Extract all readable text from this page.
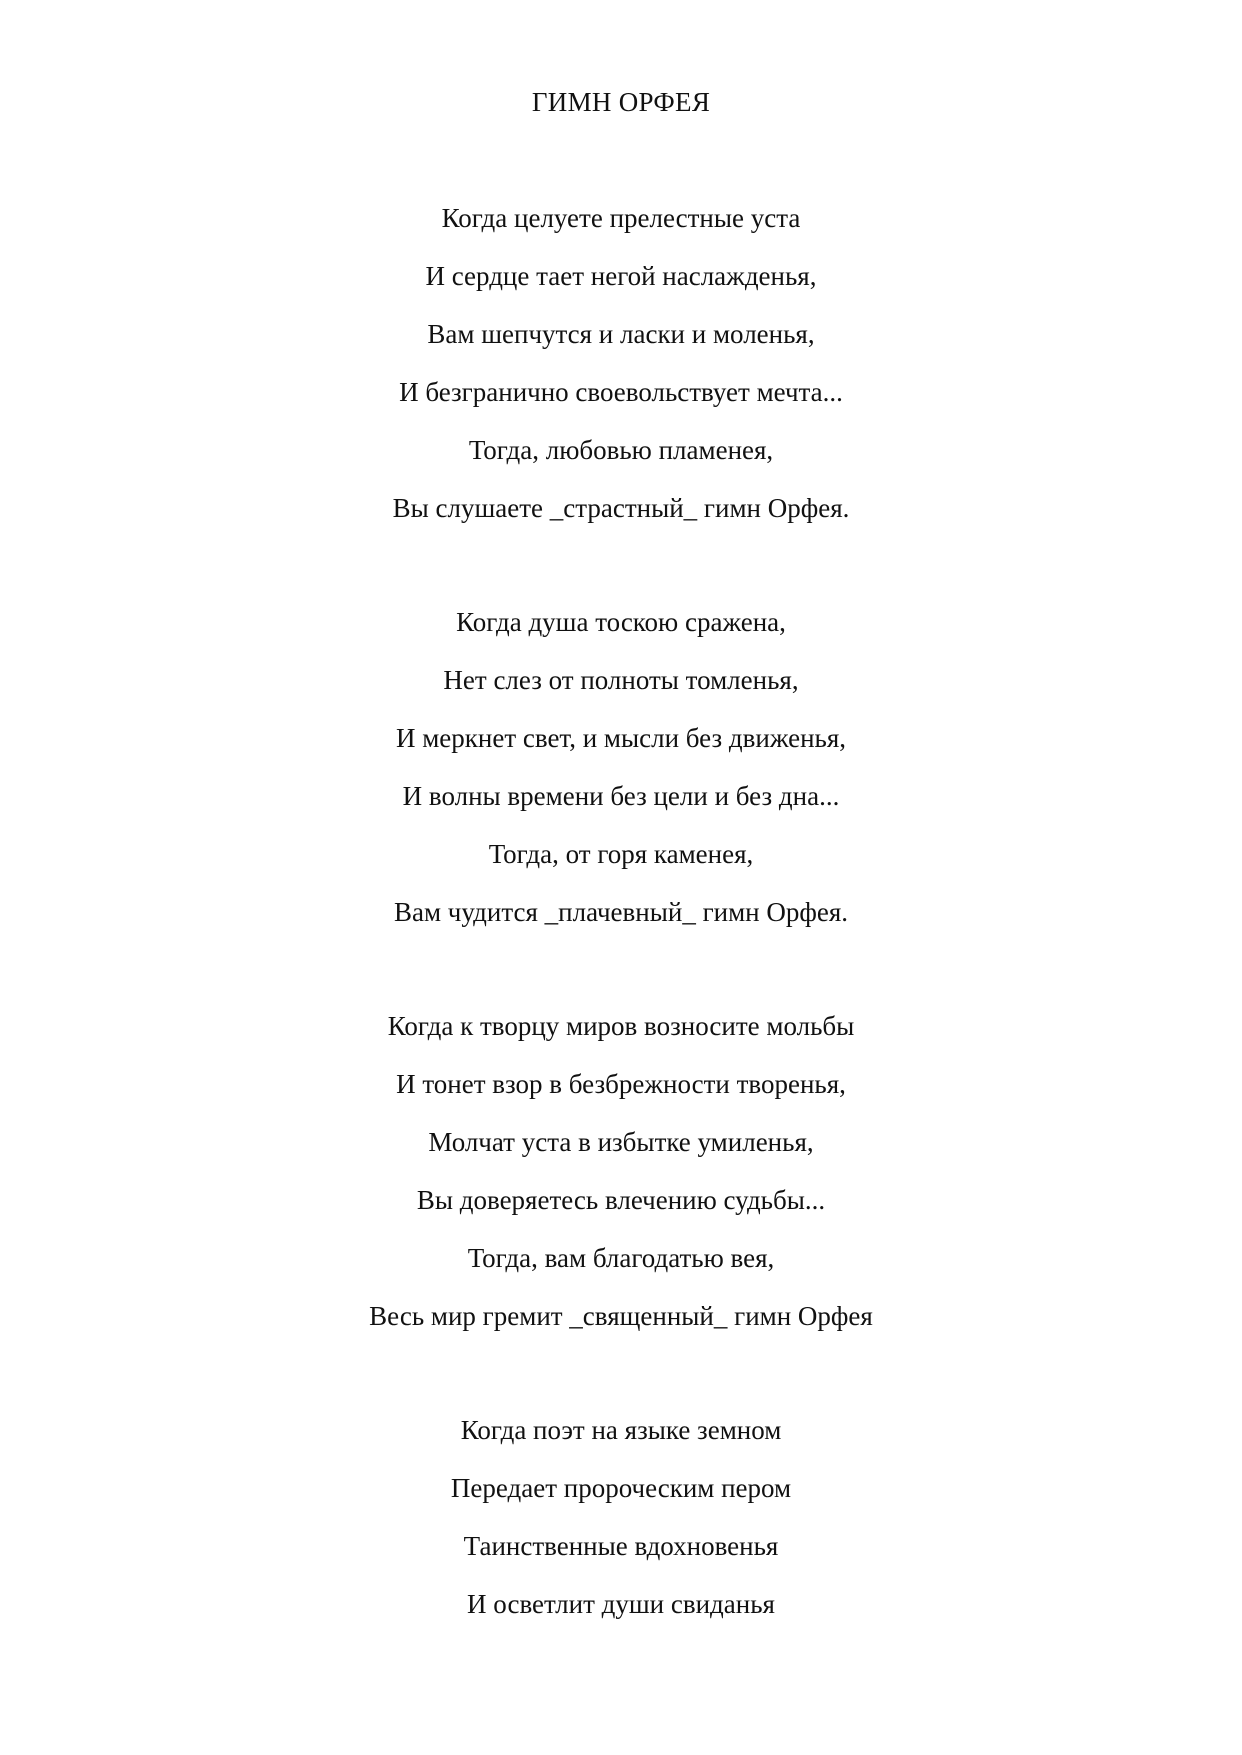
ГИМН ОРФЕЯ
Когда целуете прелестные уста
И сердце тает негой наслажденья,
Вам шепчутся и ласки и моленья,
И безгранично своевольствует мечта...
Тогда, любовью пламенея,
Вы слушаете _страстный_ гимн Орфея.
Когда душа тоскою сражена,
Нет слез от полноты томленья,
И меркнет свет, и мысли без движенья,
И волны времени без цели и без дна...
Тогда, от горя каменея,
Вам чудится _плачевный_ гимн Орфея.
Когда к творцу миров возносите мольбы
И тонет взор в безбрежности творенья,
Молчат уста в избытке умиленья,
Вы доверяетесь влечению судьбы...
Тогда, вам благодатью вея,
Весь мир гремит _священный_ гимн Орфея
Когда поэт на языке земном
Передает пророческим пером
Таинственные вдохновенья
И осветлит души свиданья
